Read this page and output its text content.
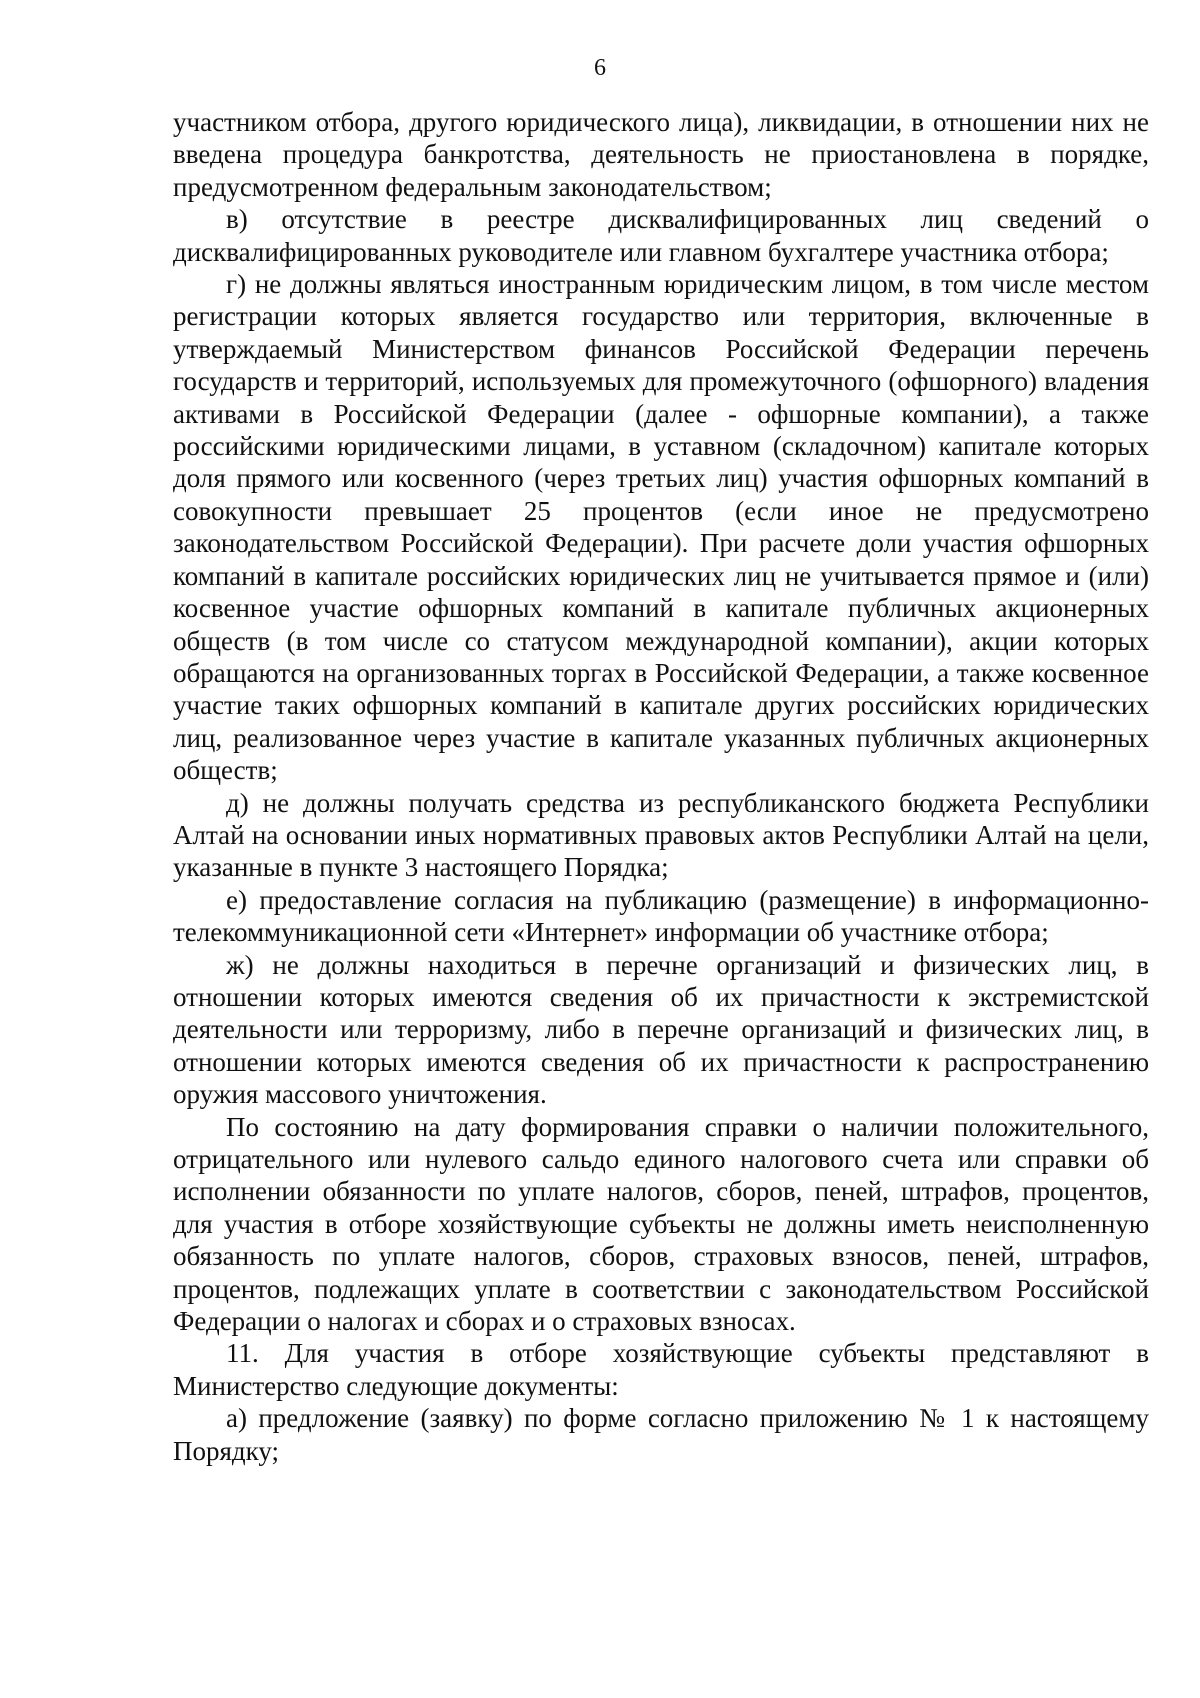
6

участником отбора, другого юридического лица), ликвидации, в отношении них не введена процедура банкротства, деятельность не приостановлена в порядке, предусмотренном федеральным законодательством;

в) отсутствие в реестре дисквалифицированных лиц сведений о дисквалифицированных руководителе или главном бухгалтере участника отбора;

г) не должны являться иностранным юридическим лицом, в том числе местом регистрации которых является государство или территория, включенные в утверждаемый Министерством финансов Российской Федерации перечень государств и территорий, используемых для промежуточного (офшорного) владения активами в Российской Федерации (далее - офшорные компании), а также российскими юридическими лицами, в уставном (складочном) капитале которых доля прямого или косвенного (через третьих лиц) участия офшорных компаний в совокупности превышает 25 процентов (если иное не предусмотрено законодательством Российской Федерации). При расчете доли участия офшорных компаний в капитале российских юридических лиц не учитывается прямое и (или) косвенное участие офшорных компаний в капитале публичных акционерных обществ (в том числе со статусом международной компании), акции которых обращаются на организованных торгах в Российской Федерации, а также косвенное участие таких офшорных компаний в капитале других российских юридических лиц, реализованное через участие в капитале указанных публичных акционерных обществ;

д) не должны получать средства из республиканского бюджета Республики Алтай на основании иных нормативных правовых актов Республики Алтай на цели, указанные в пункте 3 настоящего Порядка;

е) предоставление согласия на публикацию (размещение) в информационно-телекоммуникационной сети «Интернет» информации об участнике отбора;

ж) не должны находиться в перечне организаций и физических лиц, в отношении которых имеются сведения об их причастности к экстремистской деятельности или терроризму, либо в перечне организаций и физических лиц, в отношении которых имеются сведения об их причастности к распространению оружия массового уничтожения.

По состоянию на дату формирования справки о наличии положительного, отрицательного или нулевого сальдо единого налогового счета или справки об исполнении обязанности по уплате налогов, сборов, пеней, штрафов, процентов, для участия в отборе хозяйствующие субъекты не должны иметь неисполненную обязанность по уплате налогов, сборов, страховых взносов, пеней, штрафов, процентов, подлежащих уплате в соответствии с законодательством Российской Федерации о налогах и сборах и о страховых взносах.

11. Для участия в отборе хозяйствующие субъекты представляют в Министерство следующие документы:

а) предложение (заявку) по форме согласно приложению № 1 к настоящему Порядку;
